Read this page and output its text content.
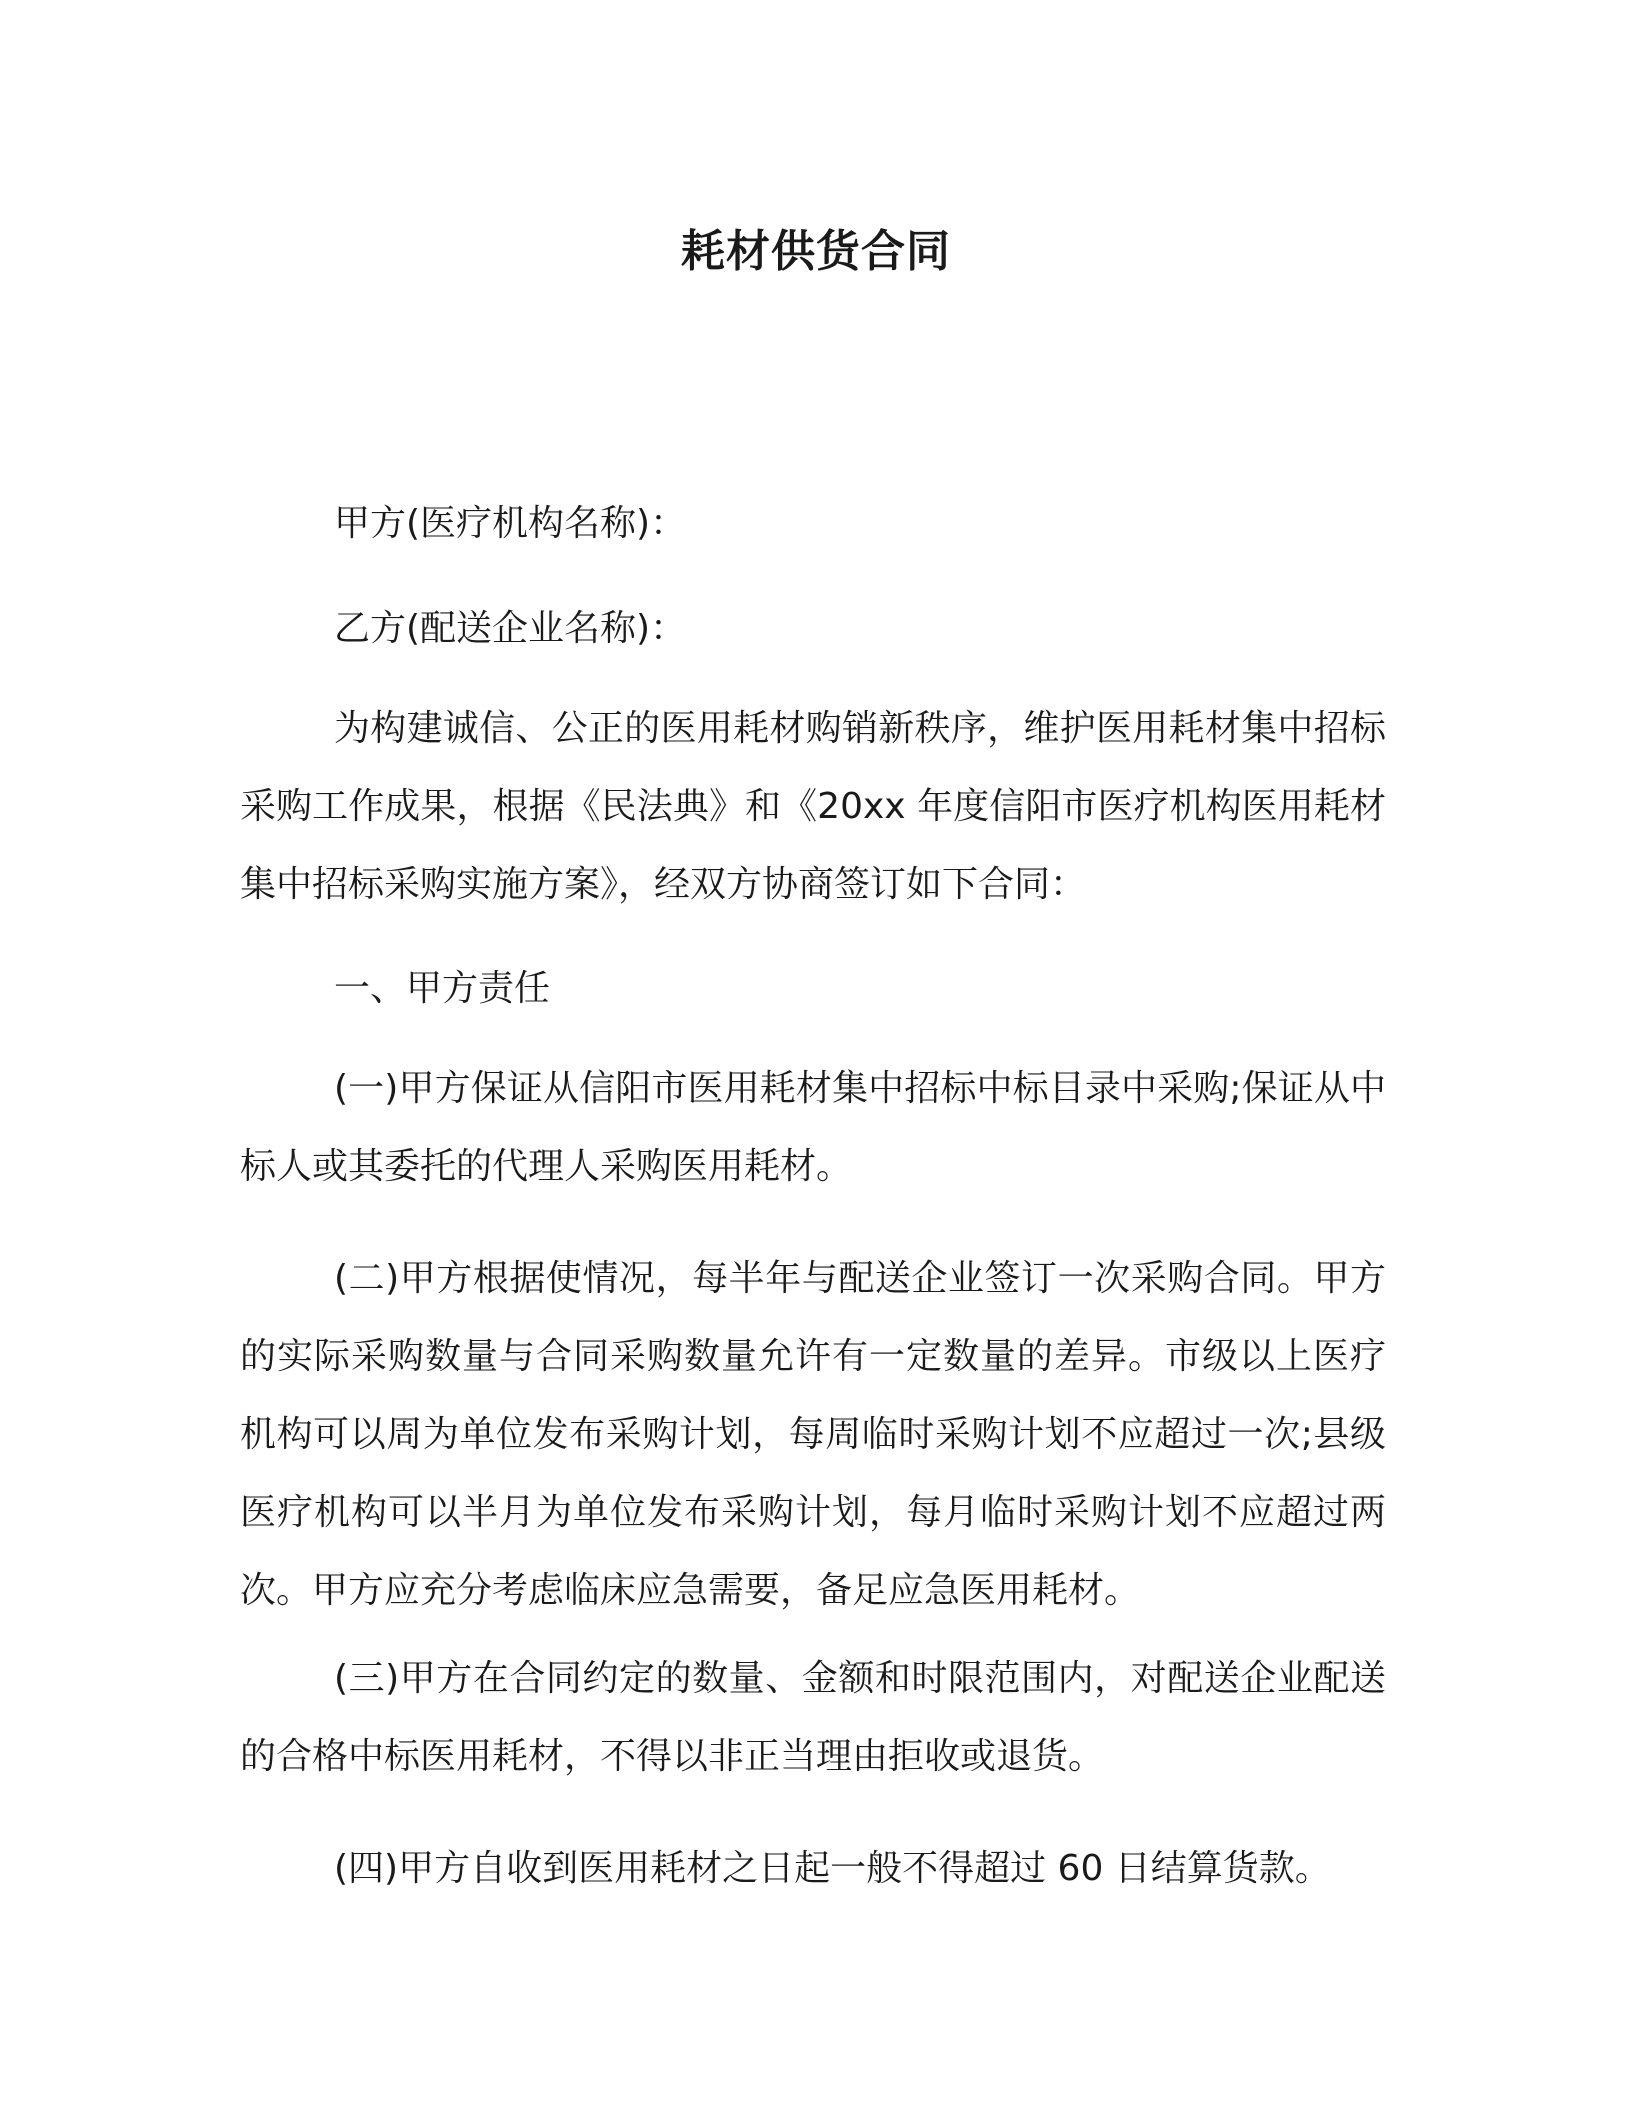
耗材供货合同

甲方(医疗机构名称)：

乙方(配送企业名称)：

为构建诚信、公正的医用耗材购销新秩序，维护医用耗材集中招标采购工作成果，根据《民法典》和《20xx 年度信阳市医疗机构医用耗材集中招标采购实施方案》，经双方协商签订如下合同：

一、甲方责任

(一)甲方保证从信阳市医用耗材集中招标中标目录中采购;保证从中标人或其委托的代理人采购医用耗材。

(二)甲方根据使情况，每半年与配送企业签订一次采购合同。甲方的实际采购数量与合同采购数量允许有一定数量的差异。市级以上医疗机构可以周为单位发布采购计划，每周临时采购计划不应超过一次;县级医疗机构可以半月为单位发布采购计划，每月临时采购计划不应超过两次。甲方应充分考虑临床应急需要，备足应急医用耗材。

(三)甲方在合同约定的数量、金额和时限范围内，对配送企业配送的合格中标医用耗材，不得以非正当理由拒收或退货。

(四)甲方自收到医用耗材之日起一般不得超过 60 日结算货款。
